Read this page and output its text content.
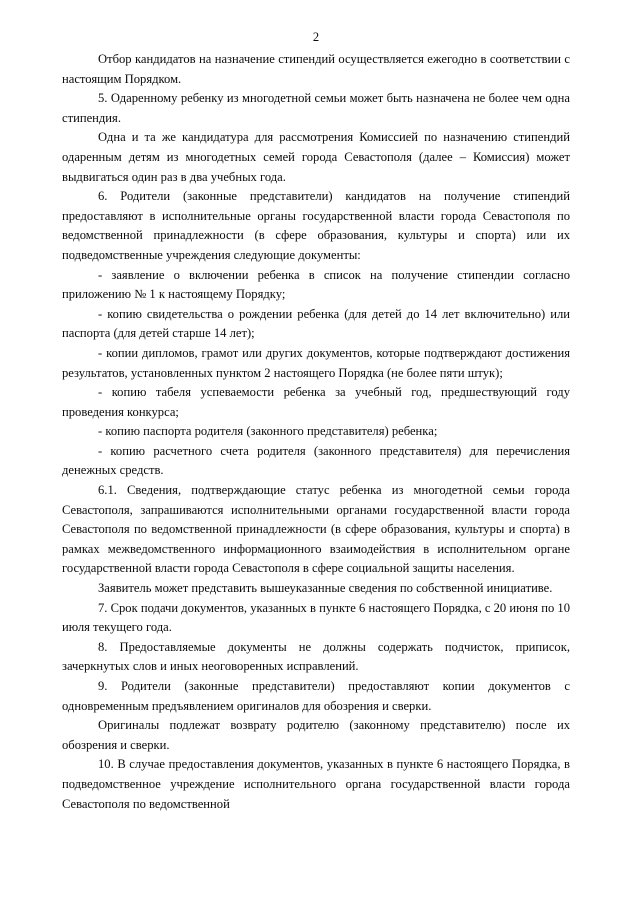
2

Отбор кандидатов на назначение стипендий осуществляется ежегодно в соответствии с настоящим Порядком.

5. Одаренному ребенку из многодетной семьи может быть назначена не более чем одна стипендия.

Одна и та же кандидатура для рассмотрения Комиссией по назначению стипендий одаренным детям из многодетных семей города Севастополя (далее – Комиссия) может выдвигаться один раз в два учебных года.

6. Родители (законные представители) кандидатов на получение стипендий предоставляют в исполнительные органы государственной власти города Севастополя по ведомственной принадлежности (в сфере образования, культуры и спорта) или их подведомственные учреждения следующие документы:

- заявление о включении ребенка в список на получение стипендии согласно приложению № 1 к настоящему Порядку;

- копию свидетельства о рождении ребенка (для детей до 14 лет включительно) или паспорта (для детей старше 14 лет);

- копии дипломов, грамот или других документов, которые подтверждают достижения результатов, установленных пунктом 2 настоящего Порядка (не более пяти штук);

- копию табеля успеваемости ребенка за учебный год, предшествующий году проведения конкурса;

- копию паспорта родителя (законного представителя) ребенка;

- копию расчетного счета родителя (законного представителя) для перечисления денежных средств.

6.1. Сведения, подтверждающие статус ребенка из многодетной семьи города Севастополя, запрашиваются исполнительными органами государственной власти города Севастополя по ведомственной принадлежности (в сфере образования, культуры и спорта) в рамках межведомственного информационного взаимодействия в исполнительном органе государственной власти города Севастополя в сфере социальной защиты населения.

Заявитель может представить вышеуказанные сведения по собственной инициативе.

7. Срок подачи документов, указанных в пункте 6 настоящего Порядка, с 20 июня по 10 июля текущего года.

8. Предоставляемые документы не должны содержать подчисток, приписок, зачеркнутых слов и иных неоговоренных исправлений.

9. Родители (законные представители) предоставляют копии документов с одновременным предъявлением оригиналов для обозрения и сверки.

Оригиналы подлежат возврату родителю (законному представителю) после их обозрения и сверки.

10. В случае предоставления документов, указанных в пункте 6 настоящего Порядка, в подведомственное учреждение исполнительного органа государственной власти города Севастополя по ведомственной
